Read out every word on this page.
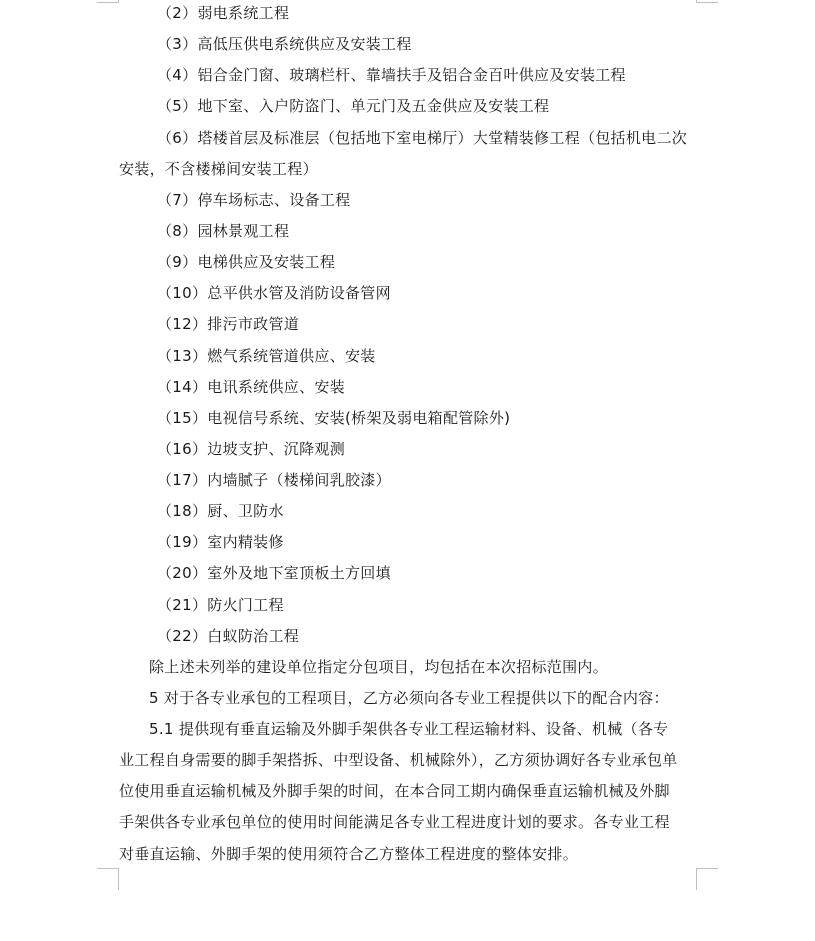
（2）弱电系统工程
（3）高低压供电系统供应及安装工程
（4）铝合金门窗、玻璃栏杆、靠墙扶手及铝合金百叶供应及安装工程
（5）地下室、入户防盗门、单元门及五金供应及安装工程
（6）塔楼首层及标准层（包括地下室电梯厅）大堂精装修工程（包括机电二次
安装，不含楼梯间安装工程）
（7）停车场标志、设备工程
（8）园林景观工程
（9）电梯供应及安装工程
（10）总平供水管及消防设备管网
（12）排污市政管道
（13）燃气系统管道供应、安装
（14）电讯系统供应、安装
（15）电视信号系统、安装(桥架及弱电箱配管除外)
（16）边坡支护、沉降观测
（17）内墙腻子（楼梯间乳胶漆）
（18）厨、卫防水
（19）室内精装修
（20）室外及地下室顶板土方回填
（21）防火门工程
（22）白蚁防治工程
除上述未列举的建设单位指定分包项目，均包括在本次招标范围内。
5 对于各专业承包的工程项目，乙方必须向各专业工程提供以下的配合内容：
5.1 提供现有垂直运输及外脚手架供各专业工程运输材料、设备、机械（各专
业工程自身需要的脚手架搭拆、中型设备、机械除外），乙方须协调好各专业承包单
位使用垂直运输机械及外脚手架的时间，在本合同工期内确保垂直运输机械及外脚
手架供各专业承包单位的使用时间能满足各专业工程进度计划的要求。各专业工程
对垂直运输、外脚手架的使用须符合乙方整体工程进度的整体安排。
